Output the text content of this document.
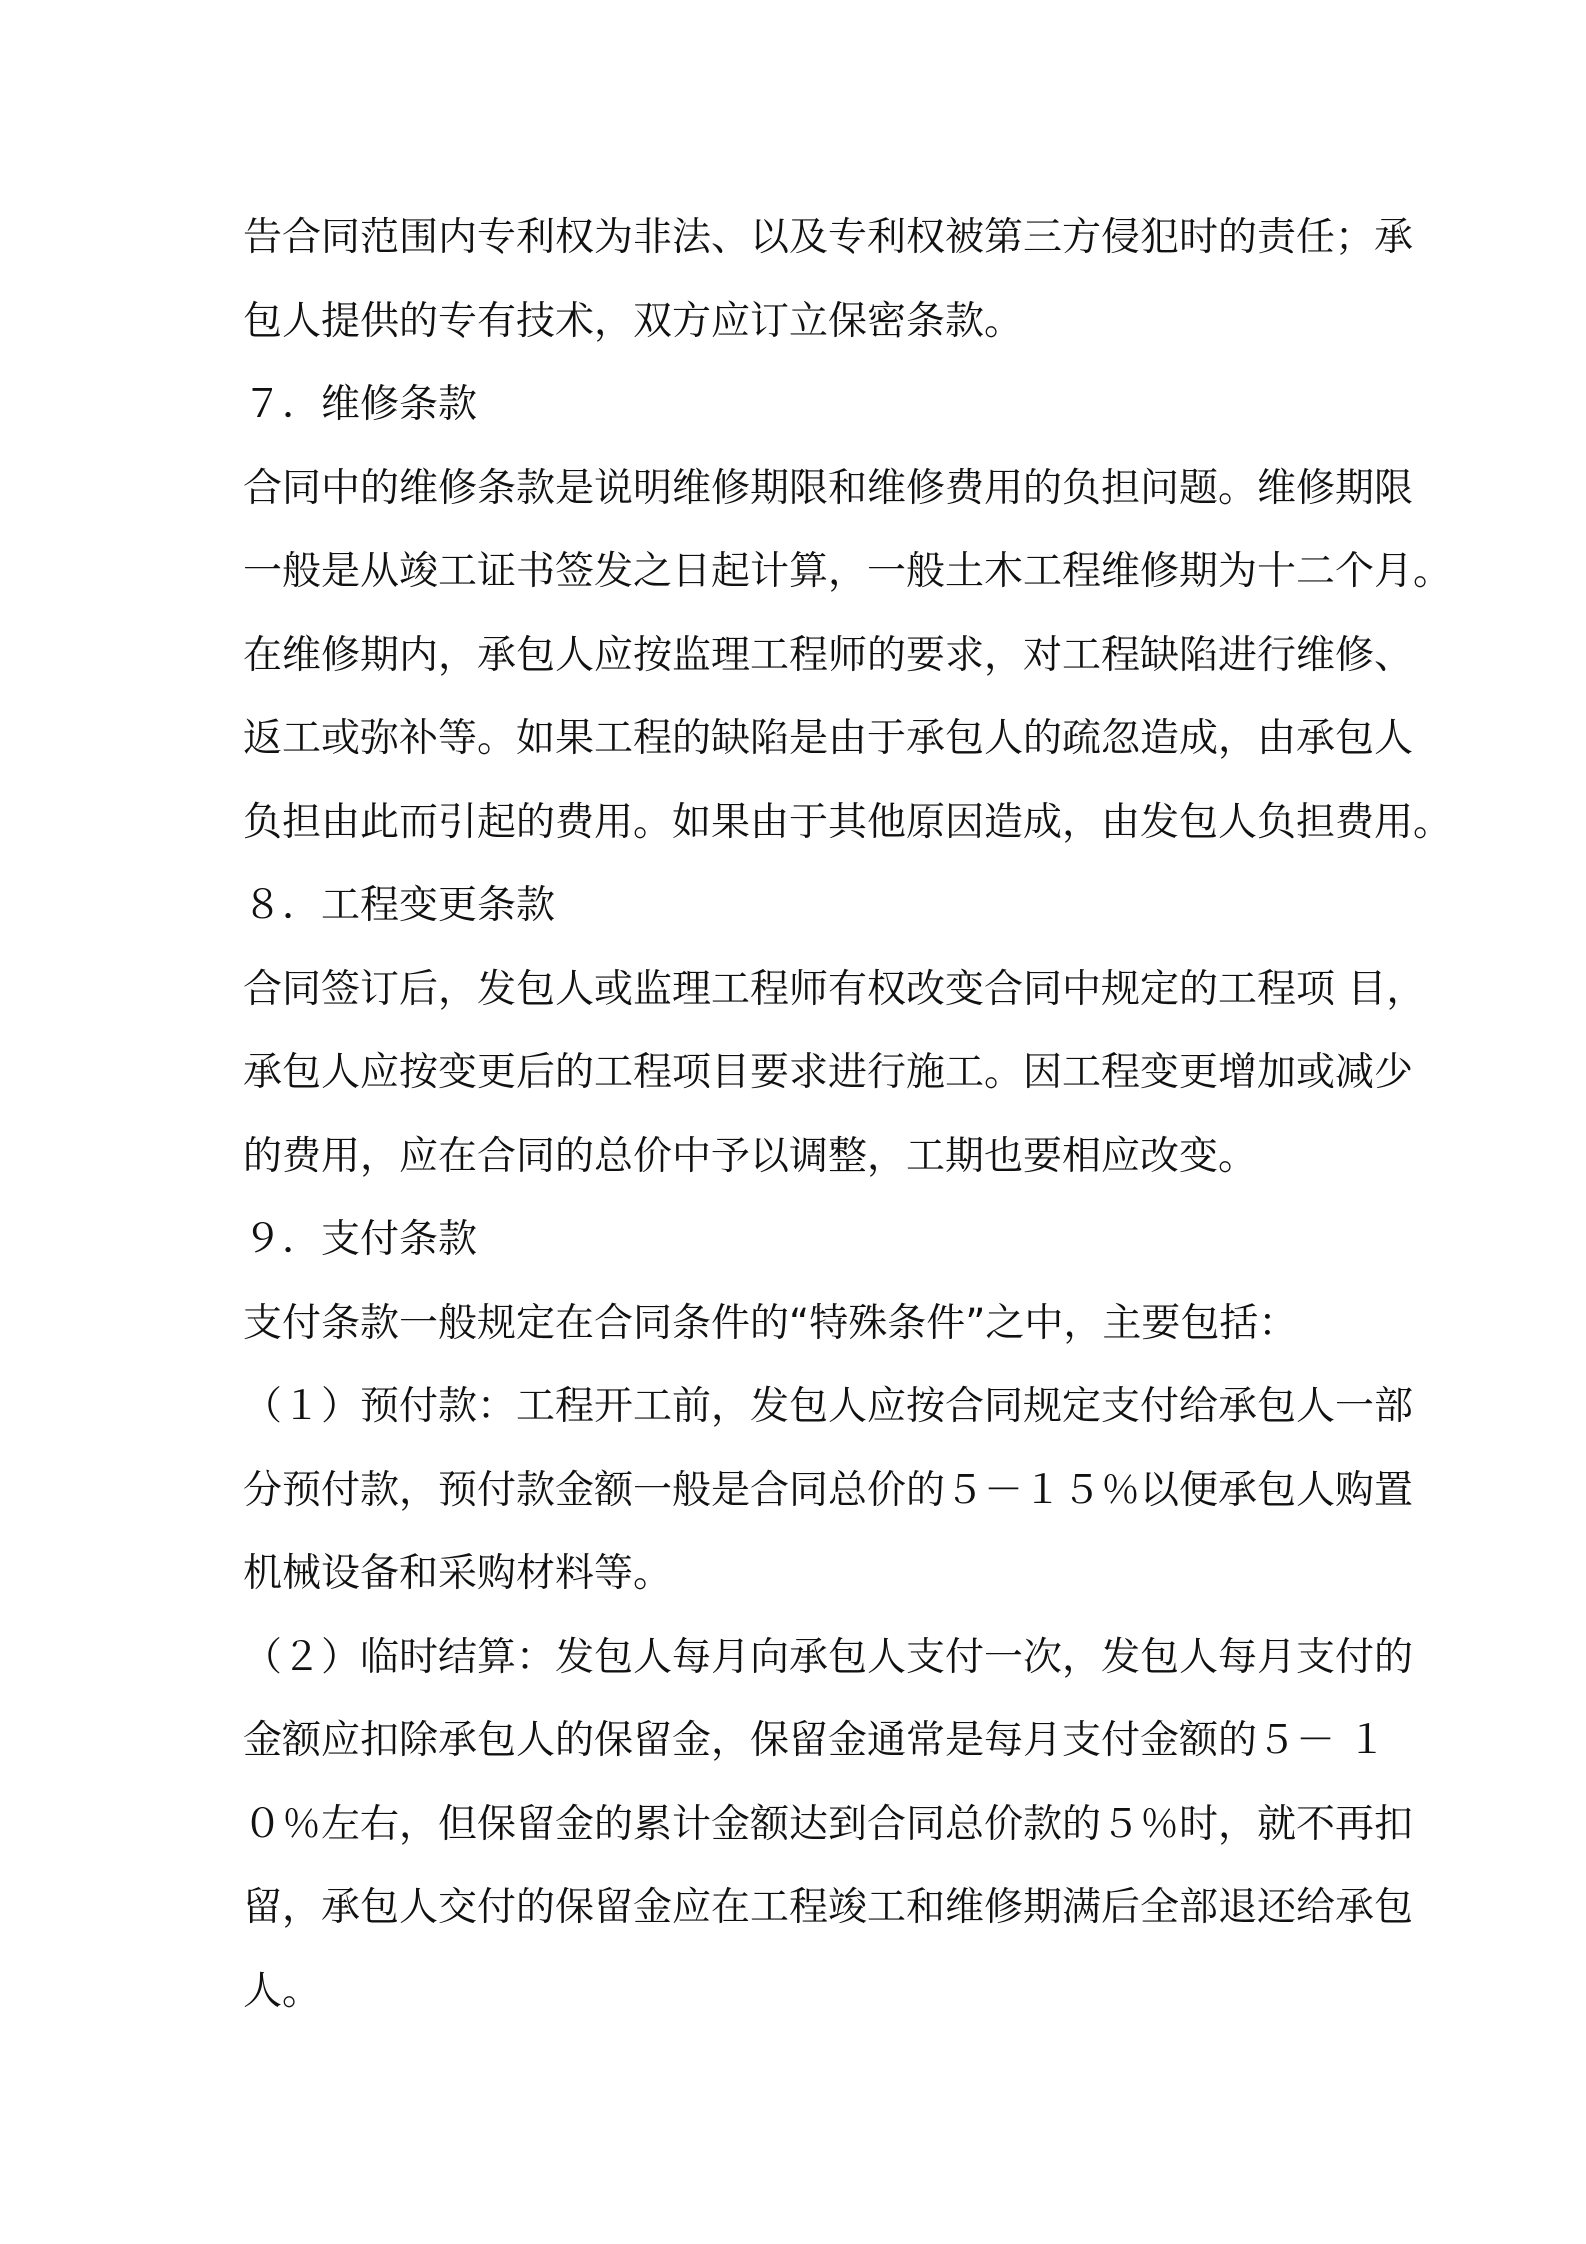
告合同范围内专利权为非法、以及专利权被第三方侵犯时的责任；承

包人提供的专有技术，双方应订立保密条款。

７．维修条款

合同中的维修条款是说明维修期限和维修费用的负担问题。维修期限

一般是从竣工证书签发之日起计算，一般土木工程维修期为十二个月。

在维修期内，承包人应按监理工程师的要求，对工程缺陷进行维修、

返工或弥补等。如果工程的缺陷是由于承包人的疏忽造成，由承包人

负担由此而引起的费用。如果由于其他原因造成，由发包人负担费用。

８．工程变更条款

合同签订后，发包人或监理工程师有权改变合同中规定的工程项 目，

承包人应按变更后的工程项目要求进行施工。因工程变更增加或减少

的费用，应在合同的总价中予以调整，工期也要相应改变。

９．支付条款

支付条款一般规定在合同条件的“特殊条件”之中，主要包括：

（１）预付款：工程开工前，发包人应按合同规定支付给承包人一部

分预付款，预付款金额一般是合同总价的５－１５％以便承包人购置

机械设备和采购材料等。

（２）临时结算：发包人每月向承包人支付一次，发包人每月支付的

金额应扣除承包人的保留金，保留金通常是每月支付金额的５－ １

０％左右，但保留金的累计金额达到合同总价款的５％时，就不再扣

留，承包人交付的保留金应在工程竣工和维修期满后全部退还给承包

人。
